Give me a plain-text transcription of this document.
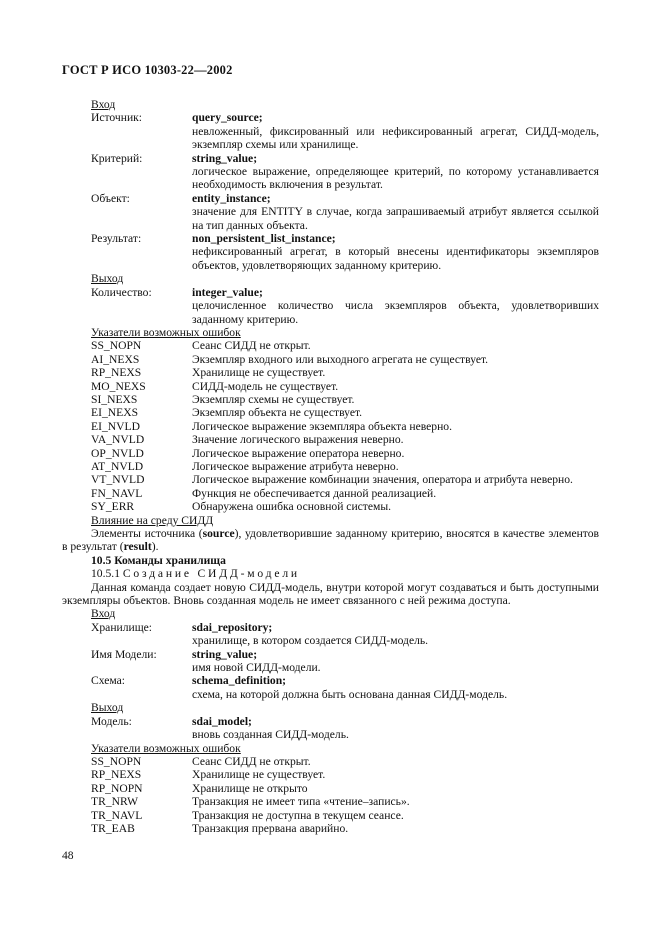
ГОСТ Р ИСО 10303-22—2002
Вход
Источник:	query_source;
невложенный, фиксированный или нефиксированный агрегат, СИДД-модель, экземпляр схемы или хранилище.
Критерий:	string_value;
логическое выражение, определяющее критерий, по которому устанавливается необходимость включения в результат.
Объект:	entity_instance;
значение для ENTITY в случае, когда запрашиваемый атрибут является ссылкой на тип данных объекта.
Результат:	non_persistent_list_instance;
нефиксированный агрегат, в который внесены идентификаторы экземпляров объектов, удовлетворяющих заданному критерию.
Выход
Количество:	integer_value;
целочисленное количество числа экземпляров объекта, удовлетворивших заданному критерию.
Указатели возможных ошибок
SS_NOPN	Сеанс СИДД не открыт.
AI_NEXS	Экземпляр входного или выходного агрегата не существует.
RP_NEXS	Хранилище не существует.
MO_NEXS	СИДД-модель не существует.
SI_NEXS	Экземпляр схемы не существует.
EI_NEXS	Экземпляр объекта не существует.
EI_NVLD	Логическое выражение экземпляра объекта неверно.
VA_NVLD	Значение логического выражения неверно.
OP_NVLD	Логическое выражение оператора неверно.
AT_NVLD	Логическое выражение атрибута неверно.
VT_NVLD	Логическое выражение комбинации значения, оператора и атрибута неверно.
FN_NAVL	Функция не обеспечивается данной реализацией.
SY_ERR	Обнаружена ошибка основной системы.
Влияние на среду СИДД
Элементы источника (source), удовлетворившие заданному критерию, вносятся в качестве элементов в результат (result).
10.5 Команды хранилища
10.5.1 Создание СИДД-модели
Данная команда создает новую СИДД-модель, внутри которой могут создаваться и быть доступными экземпляры объектов. Вновь созданная модель не имеет связанного с ней режима доступа.
Вход
Хранилище:	sdai_repository;
хранилище, в котором создается СИДД-модель.
Имя Модели:	string_value;
имя новой СИДД-модели.
Схема:	schema_definition;
схема, на которой должна быть основана данная СИДД-модель.
Выход
Модель:	sdai_model;
вновь созданная СИДД-модель.
Указатели возможных ошибок
SS_NOPN	Сеанс СИДД не открыт.
RP_NEXS	Хранилище не существует.
RP_NOPN	Хранилище не открыто
TR_NRW	Транзакция не имеет типа «чтение–запись».
TR_NAVL	Транзакция не доступна в текущем сеансе.
TR_EAB	Транзакция прервана аварийно.
48
